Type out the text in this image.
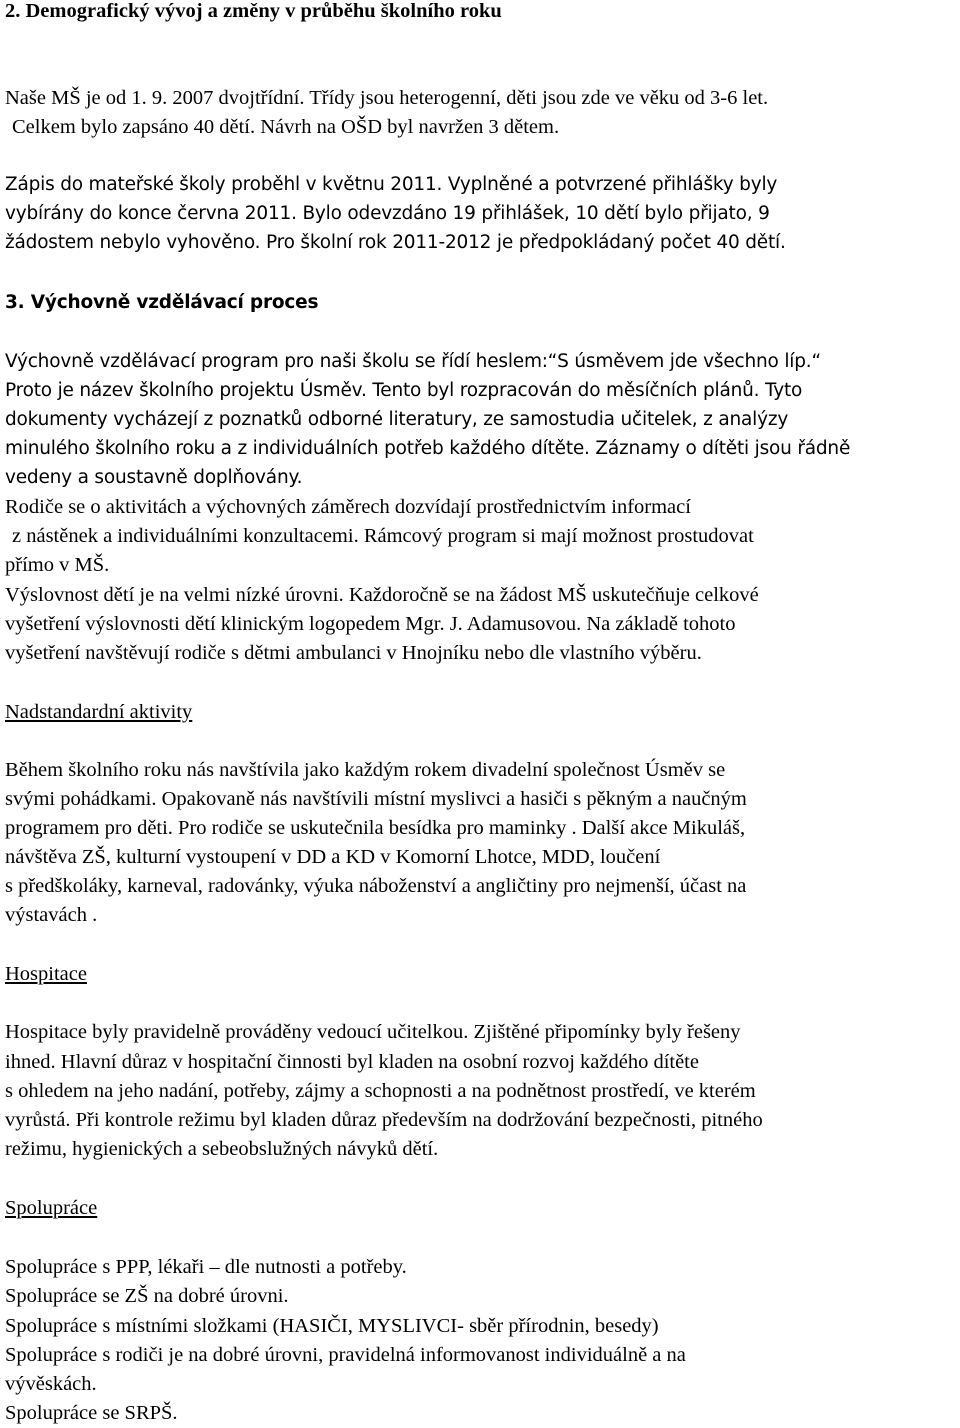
2. Demografický vývoj a změny v průběhu školního roku
Naše MŠ je od 1. 9. 2007 dvojtřídní. Třídy jsou heterogenní, děti jsou zde ve věku od 3-6 let.
Celkem bylo zapsáno 40 dětí. Návrh na OŠD byl navržen 3 dětem.
Zápis do mateřské školy proběhl v květnu 2011. Vyplněné a potvrzené přihlášky byly
vybírány do konce června 2011. Bylo odevzdáno 19 přihlášek, 10 dětí bylo přijato, 9
žádostem nebylo vyhověno. Pro školní rok 2011-2012 je předpokládaný počet 40 dětí.
3. Výchovně vzdělávací proces
Výchovně vzdělávací program pro naši školu se řídí heslem:“S úsměvem jde všechno líp.“
Proto je název školního projektu Úsměv. Tento byl rozpracován do měsíčních plánů. Tyto
dokumenty vycházejí z poznatků odborné literatury, ze samostudia učitelek, z analýzy
minulého školního roku a z individuálních potřeb každého dítěte. Záznamy o dítěti jsou řádně
vedeny a soustavně doplňovány.
Rodiče se o aktivitách a výchovných záměrech dozvídají prostřednictvím informací
z nástěnek a individuálními konzultacemi. Rámcový program si mají možnost prostudovat
přímo v MŠ.
Výslovnost dětí je na velmi nízké úrovni. Každoročně se na žádost MŠ uskutečňuje celkové
vyšetření výslovnosti dětí klinickým logopedem Mgr. J. Adamusovou. Na základě tohoto
vyšetření navštěvují rodiče s dětmi ambulanci v Hnojníku nebo dle vlastního výběru.
Nadstandardní aktivity
Během školního roku nás navštívila jako každým rokem divadelní společnost Úsměv se
svými pohádkami. Opakovaně nás navštívili místní myslivci a hasiči s pěkným a naučným
programem pro děti. Pro rodiče se uskutečnila besídka pro maminky . Další akce Mikuláš,
návštěva ZŠ, kulturní vystoupení v DD a KD v Komorní Lhotce, MDD, loučení
s předškoláky, karneval, radovánky, výuka náboženství a angličtiny pro nejmenší, účast na
výstavách .
Hospitace
Hospitace byly pravidelně prováděny vedoucí učitelkou. Zjištěné připomínky byly řešeny
ihned. Hlavní důraz v hospitační činnosti byl kladen na osobní rozvoj každého dítěte
s ohledem na jeho nadání, potřeby, zájmy a schopnosti a na podnětnost prostředí, ve kterém
vyrůstá. Při kontrole režimu byl kladen důraz především na dodržování bezpečnosti, pitného
režimu, hygienických a sebeobslužných návyků dětí.
Spolupráce
Spolupráce s PPP, lékaři – dle nutnosti a potřeby.
Spolupráce se ZŠ na dobré úrovni.
Spolupráce s místními složkami (HASIČI, MYSLIVCI- sběr přírodnin, besedy)
Spolupráce s rodiči je na dobré úrovni, pravidelná informovanost individuálně a na
vývěskách.
Spolupráce se SRPŠ.
